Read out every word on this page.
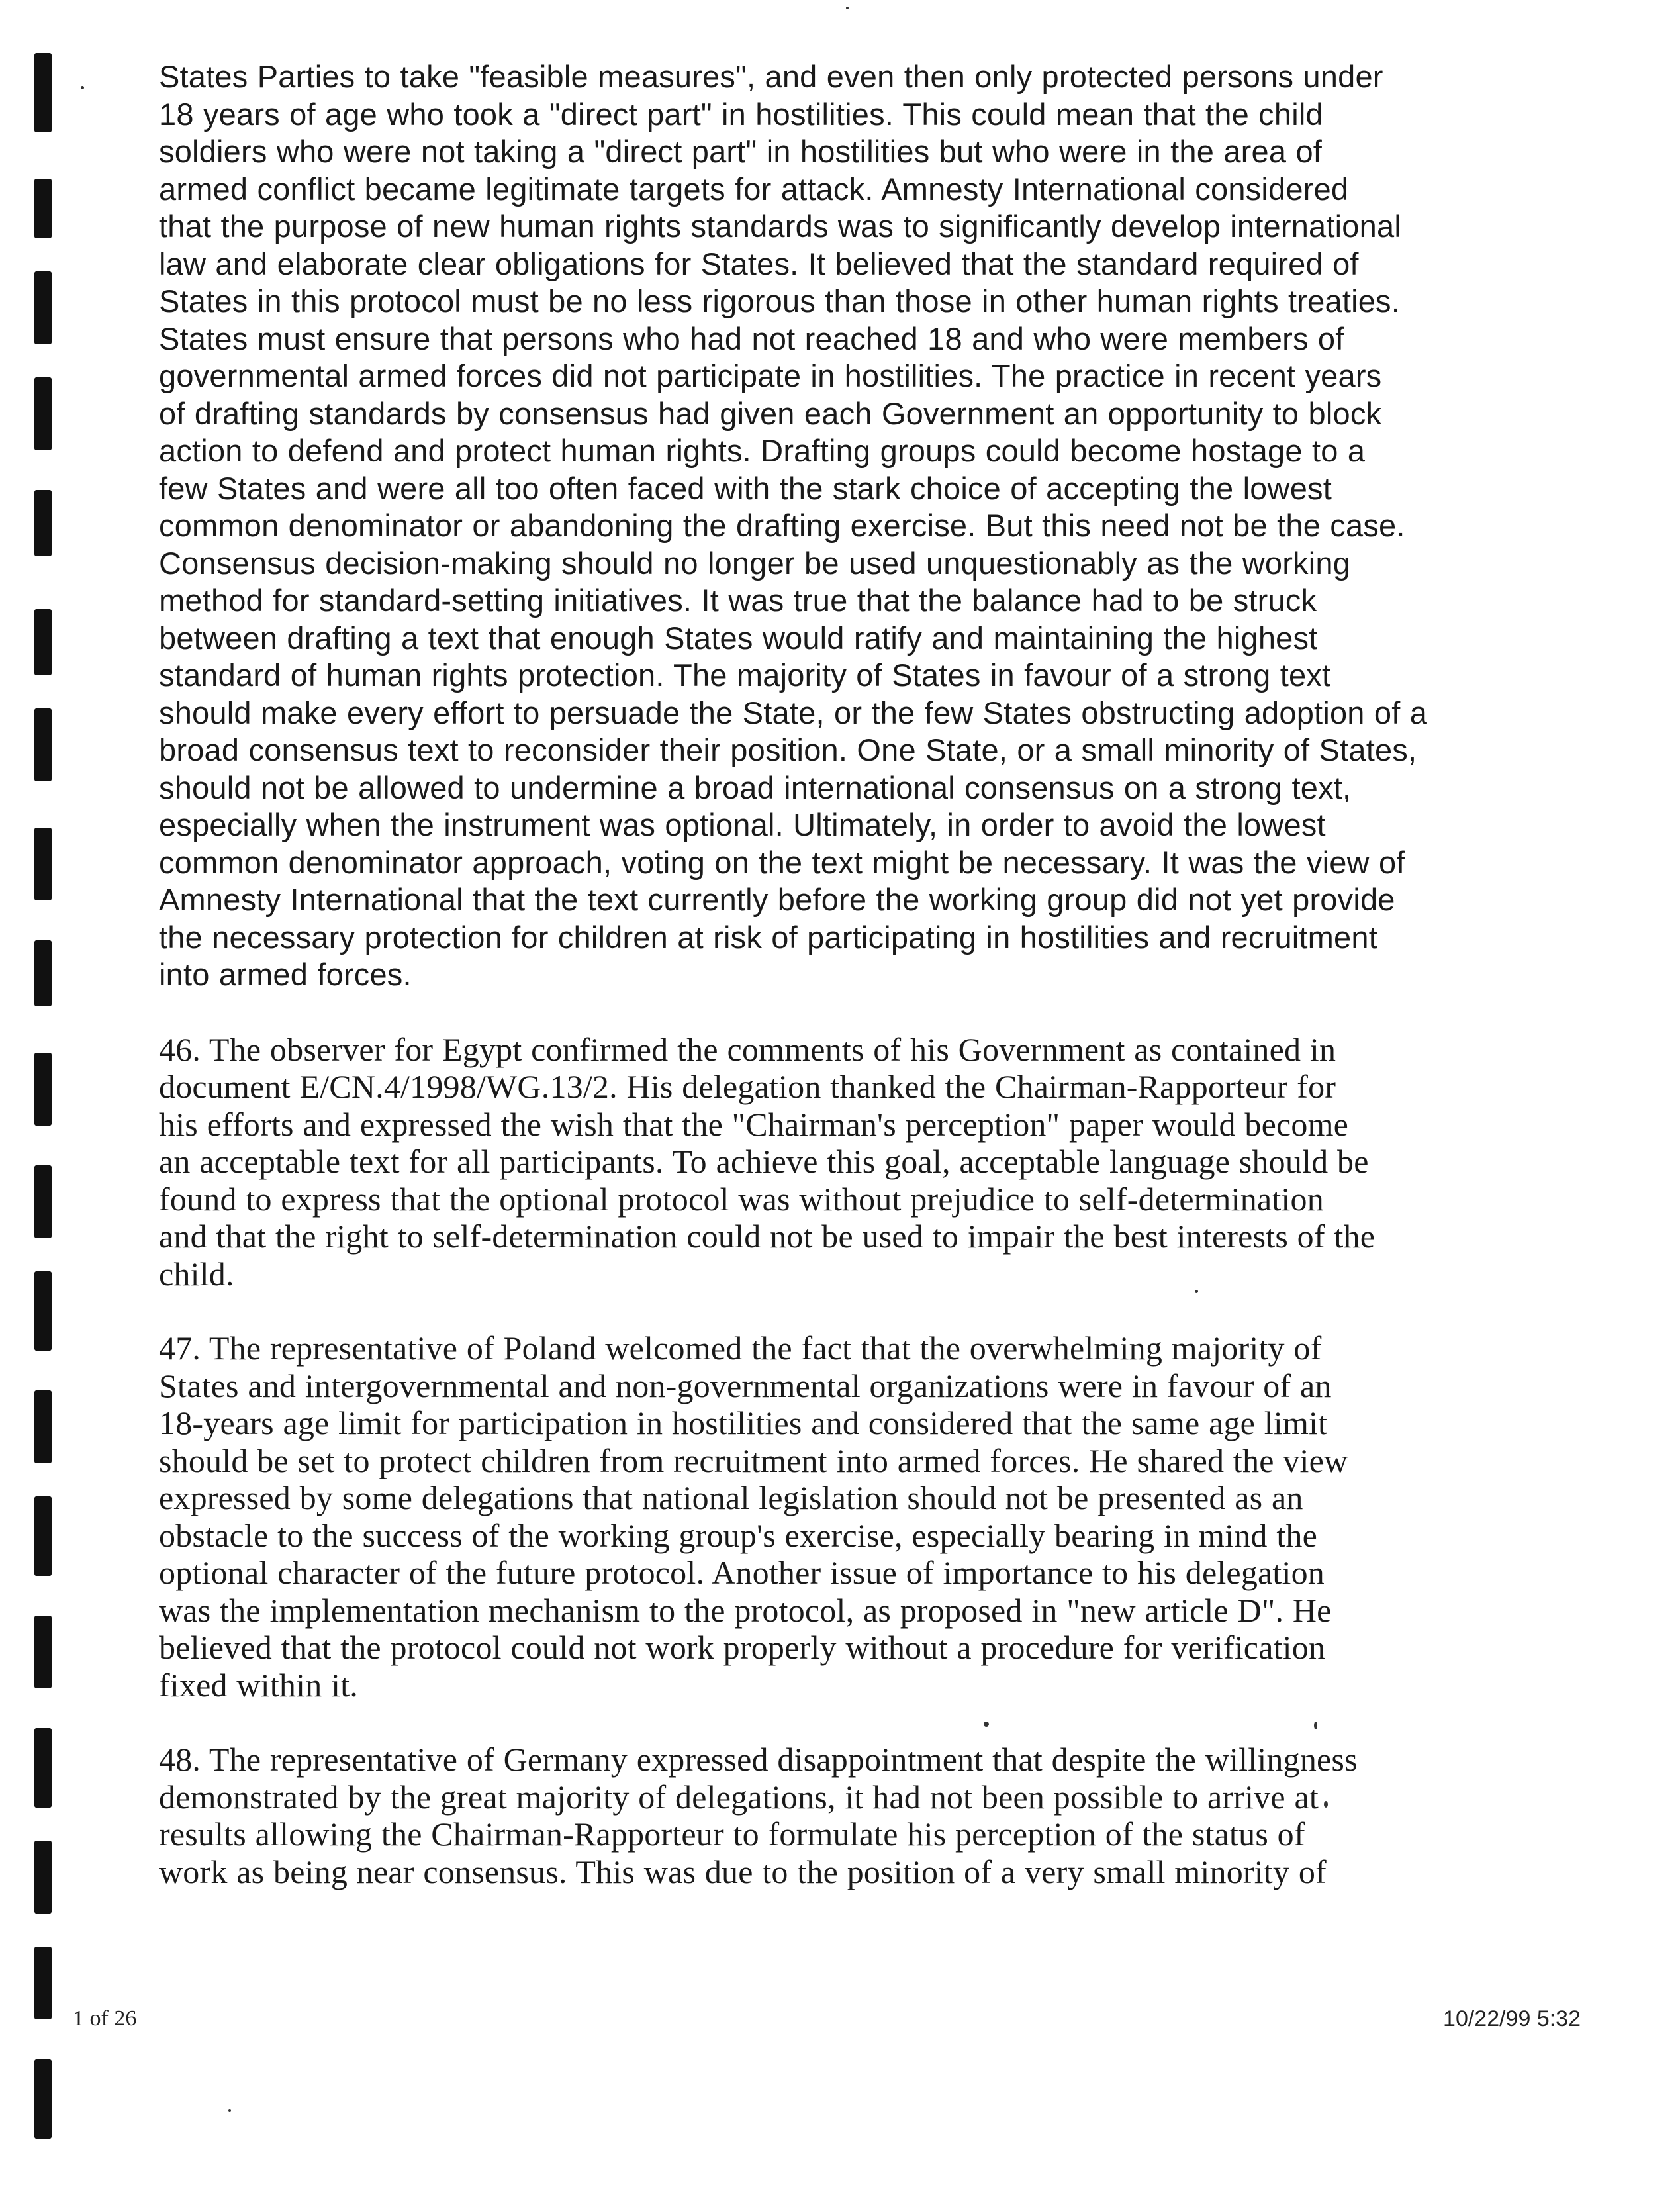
States Parties to take "feasible measures", and even then only protected persons under
18 years of age who took a "direct part" in hostilities. This could mean that the child
soldiers who were not taking a "direct part" in hostilities but who were in the area of
armed conflict became legitimate targets for attack. Amnesty International considered
that the purpose of new human rights standards was to significantly develop international
law and elaborate clear obligations for States. It believed that the standard required of
States in this protocol must be no less rigorous than those in other human rights treaties.
States must ensure that persons who had not reached 18 and who were members of
governmental armed forces did not participate in hostilities. The practice in recent years
of drafting standards by consensus had given each Government an opportunity to block
action to defend and protect human rights. Drafting groups could become hostage to a
few States and were all too often faced with the stark choice of accepting the lowest
common denominator or abandoning the drafting exercise. But this need not be the case.
Consensus decision-making should no longer be used unquestionably as the working
method for standard-setting initiatives. It was true that the balance had to be struck
between drafting a text that enough States would ratify and maintaining the highest
standard of human rights protection. The majority of States in favour of a strong text
should make every effort to persuade the State, or the few States obstructing adoption of a
broad consensus text to reconsider their position. One State, or a small minority of States,
should not be allowed to undermine a broad international consensus on a strong text,
especially when the instrument was optional. Ultimately, in order to avoid the lowest
common denominator approach, voting on the text might be necessary. It was the view of
Amnesty International that the text currently before the working group did not yet provide
the necessary protection for children at risk of participating in hostilities and recruitment
into armed forces.

46. The observer for Egypt confirmed the comments of his Government as contained in
document E/CN.4/1998/WG.13/2. His delegation thanked the Chairman-Rapporteur for
his efforts and expressed the wish that the "Chairman's perception" paper would become
an acceptable text for all participants. To achieve this goal, acceptable language should be
found to express that the optional protocol was without prejudice to self-determination
and that the right to self-determination could not be used to impair the best interests of the
child.

47. The representative of Poland welcomed the fact that the overwhelming majority of
States and intergovernmental and non-governmental organizations were in favour of an
18-years age limit for participation in hostilities and considered that the same age limit
should be set to protect children from recruitment into armed forces. He shared the view
expressed by some delegations that national legislation should not be presented as an
obstacle to the success of the working group's exercise, especially bearing in mind the
optional character of the future protocol. Another issue of importance to his delegation
was the implementation mechanism to the protocol, as proposed in "new article D". He
believed that the protocol could not work properly without a procedure for verification
fixed within it.

48. The representative of Germany expressed disappointment that despite the willingness
demonstrated by the great majority of delegations, it had not been possible to arrive at
results allowing the Chairman-Rapporteur to formulate his perception of the status of
work as being near consensus. This was due to the position of a very small minority of

1 of 26	10/22/99 5:32
